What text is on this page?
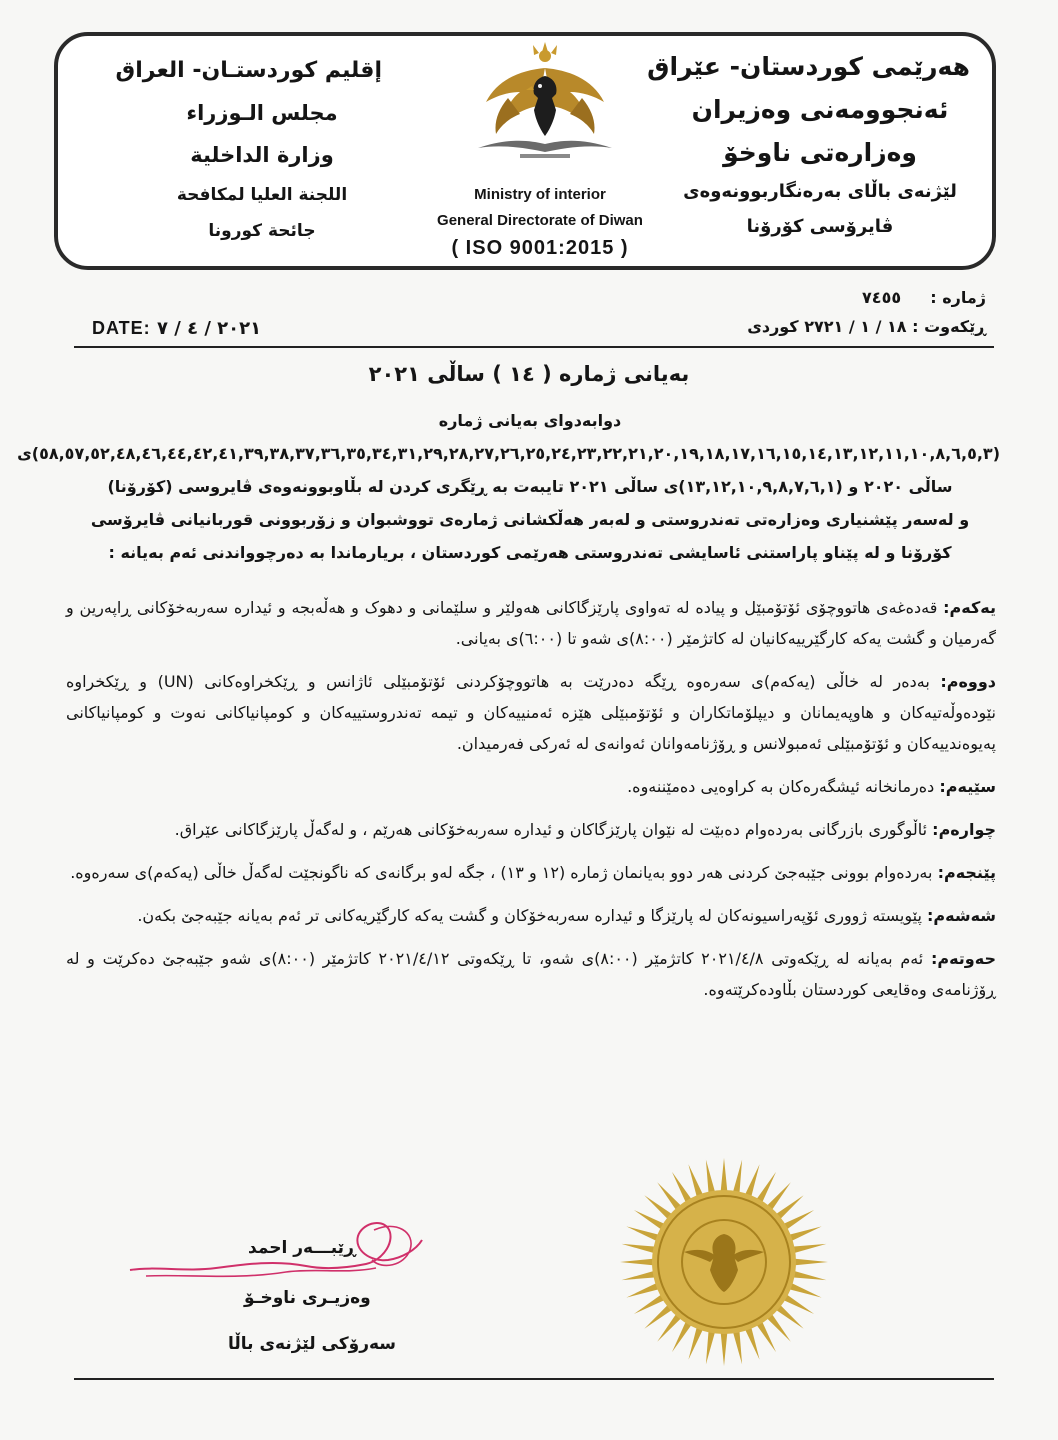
هەرێمی کوردستان- عێراق
ئەنجوومەنی وەزیران
وەزارەتی ناوخۆ
لێژنەی باڵای بەرەنگاربوونەوەی
ڤایرۆسی کۆرۆنا
إقليم كوردستـان- العراق
مجلس الـوزراء
وزارة الداخلية
اللجنة العليا لمكافحة
جائحة كورونا
Ministry of interior
General Directorate of Diwan
( ISO 9001:2015 )
ژمارە :  ٧٤٥٥
ڕێکەوت : ١٨ / ١ / ٢٧٢١ کوردی
DATE: ٢٠٢١ / ٤ / ٧
بەیانی ژمارە ( ١٤ ) ساڵی ٢٠٢١
دوابەدوای بەیانی ژمارە
(٥٨,٥٧,٥٢,٤٨,٤٦,٤٤,٤٢,٤١,٣٩,٣٨,٣٧,٣٦,٣٥,٣٤,٣١,٢٩,٢٨,٢٧,٢٦,٢٥,٢٤,٢٣,٢٢,٢١,٢٠,١٩,١٨,١٧,١٦,١٥,١٤,١٣,١٢,١١,١٠,٨,٦,٥,٣)ی
ساڵی ٢٠٢٠ و (١٣,١٢,١٠,٩,٨,٧,٦,١)ی ساڵی ٢٠٢١ تایبەت بە ڕێگری کردن لە بڵاوبوونەوەی ڤایروسی (کۆرۆنا)
و لەسەر پێشنیاری وەزارەتی تەندروستی و لەبەر هەڵکشانی ژمارەی تووشبوان و زۆربوونی قوربانیانی ڤایرۆسی
کۆرۆنا و لە پێناو پاراستنی ئاسایشی تەندروستی هەرێمی کوردستان ، بریارماندا بە دەرچوواندنی ئەم بەیانە :

یەکەم: قەدەغەی هاتووچۆی ئۆتۆمبێل و پیادە لە تەواوی پارێزگاکانی هەولێر و سلێمانی و دهوک و هەڵەبجە و ئیدارە سەربەخۆکانی ڕاپەرین و گەرمیان و گشت یەکە کارگێرییەکانیان لە کاتژمێر (٨:٠٠)ی شەو تا (٦:٠٠)ی بەیانی.

دووەم: بەدەر لە خاڵی (یەکەم)ی سەرەوە ڕێگە دەدرێت بە هاتووچۆکردنی ئۆتۆمبێلی ئاژانس و ڕێکخراوەکانی (UN) و ڕێکخراوە نێودەوڵەتیەکان و هاوپەیمانان و دیپلۆماتکاران و ئۆتۆمبێلی هێزە ئەمنییەکان و تیمە تەندروستییەکان و کومپانیاکانی نەوت و کومپانیاکانی پەیوەندییەکان و ئۆتۆمبێلی ئەمبولانس و ڕۆژنامەوانان ئەوانەی لە ئەرکی فەرمیدان.

سێیەم: دەرمانخانە ئیشگەرەکان بە کراوەیی دەمێننەوە.

چوارەم: ئاڵوگوری بازرگانی بەردەوام دەبێت لە نێوان پارێزگاکان و ئیدارە سەربەخۆکانی هەرێم ، و لەگەڵ پارێزگاکانی عێراق.

پێنجەم: بەردەوام بوونی جێبەجێ کردنی هەر دوو بەیانمان ژمارە (١٢ و ١٣) ، جگە لەو برگانەی کە ناگونجێت لەگەڵ خاڵی (یەکەم)ی سەرەوە.

شەشەم: پێویستە ژووری ئۆپەراسیونەکان لە پارێزگا و ئیدارە سەربەخۆکان و گشت یەکە کارگێریەکانی تر ئەم بەیانە جێبەجێ بکەن.

حەوتەم: ئەم بەیانە لە ڕێکەوتی ٢٠٢١/٤/٨ کاتژمێر (٨:٠٠)ی شەو، تا ڕێکەوتی ٢٠٢١/٤/١٢ کاتژمێر (٨:٠٠)ی شەو جێبەجێ دەکرێت و لە ڕۆژنامەی وەقایعی کوردستان بڵاودەکرێتەوە.

ڕێبـــەر احمد
وەزیـری ناوخـۆ
سەرۆکی لێژنەی باڵا
